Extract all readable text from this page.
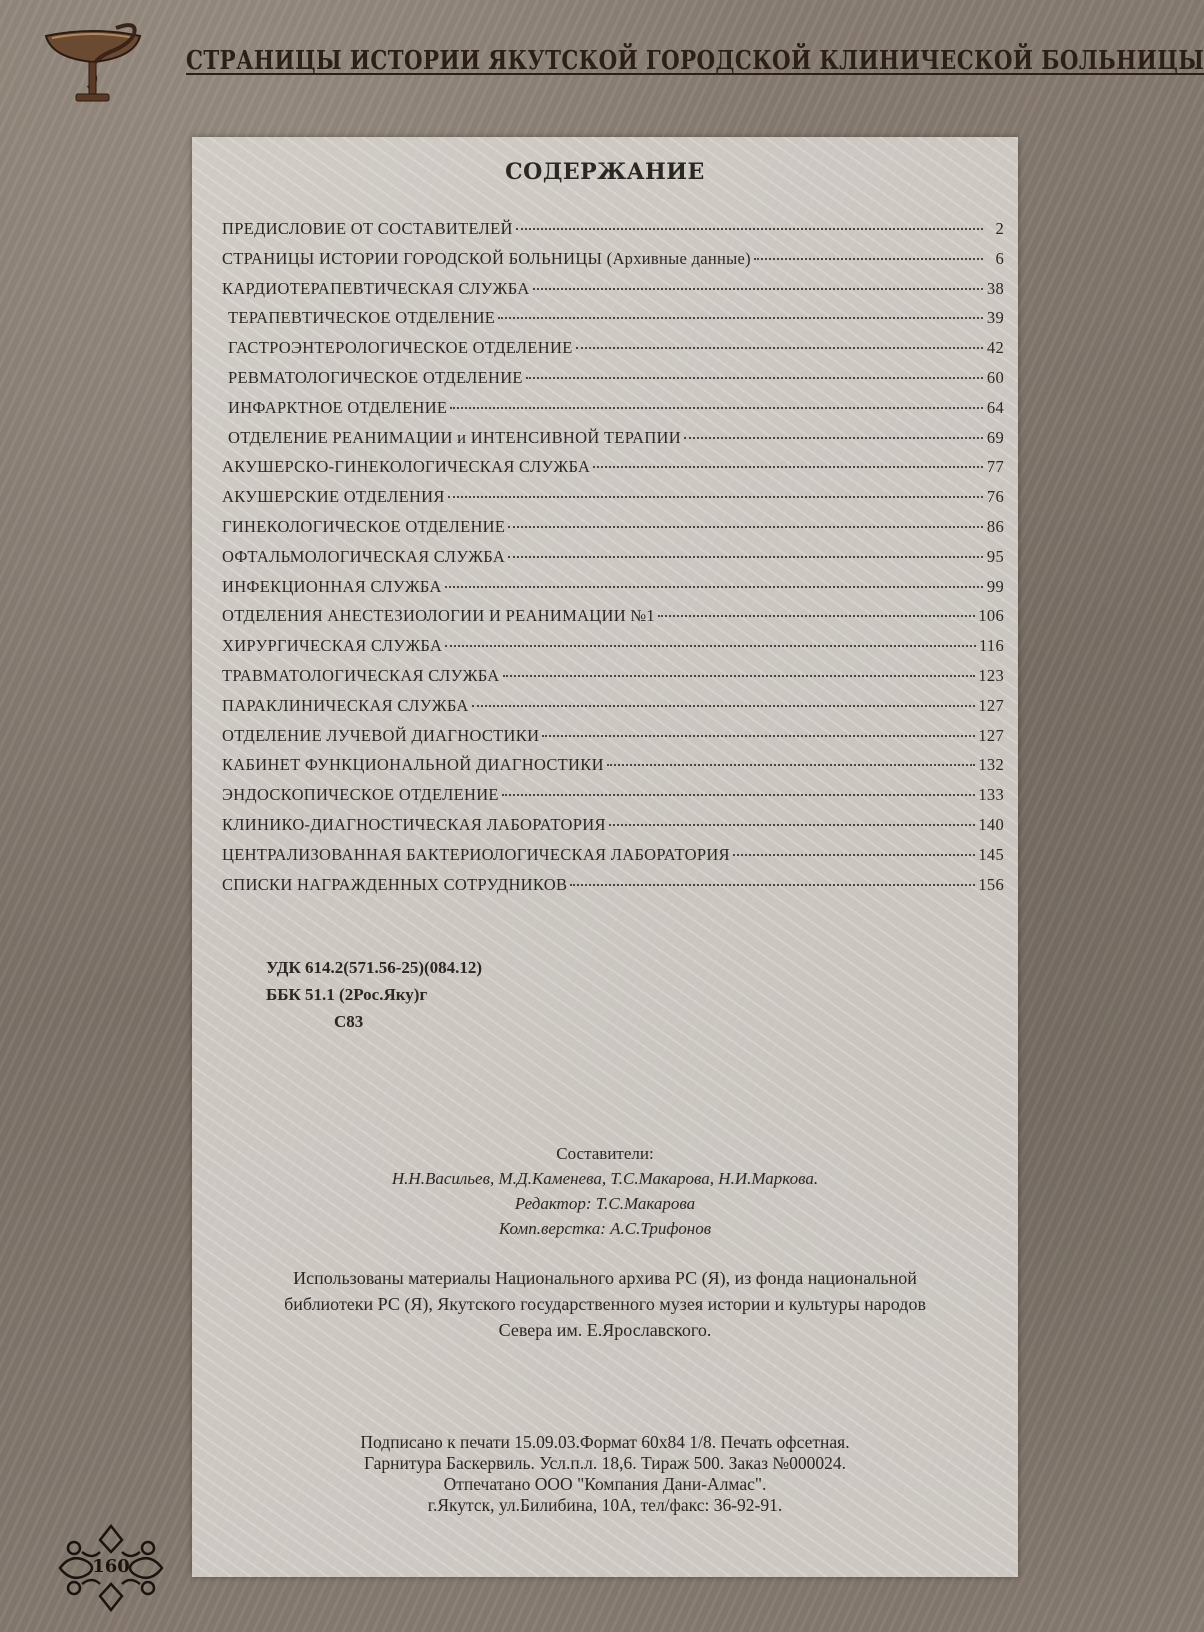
СТРАНИЦЫ ИСТОРИИ ЯКУТСКОЙ ГОРОДСКОЙ КЛИНИЧЕСКОЙ БОЛЬНИЦЫ
СОДЕРЖАНИЕ
ПРЕДИСЛОВИЕ ОТ СОСТАВИТЕЛЕЙ	2
СТРАНИЦЫ ИСТОРИИ ГОРОДСКОЙ БОЛЬНИЦЫ (Архивные данные)	6
КАРДИОТЕРАПЕВТИЧЕСКАЯ СЛУЖБА	38
ТЕРАПЕВТИЧЕСКОЕ ОТДЕЛЕНИЕ	39
ГАСТРОЭНТЕРОЛОГИЧЕСКОЕ ОТДЕЛЕНИЕ	42
РЕВМАТОЛОГИЧЕСКОЕ ОТДЕЛЕНИЕ	60
ИНФАРКТНОЕ ОТДЕЛЕНИЕ	64
ОТДЕЛЕНИЕ РЕАНИМАЦИИ и ИНТЕНСИВНОЙ ТЕРАПИИ	69
АКУШЕРСКО-ГИНЕКОЛОГИЧЕСКАЯ СЛУЖБА	77
АКУШЕРСКИЕ ОТДЕЛЕНИЯ	76
ГИНЕКОЛОГИЧЕСКОЕ ОТДЕЛЕНИЕ	86
ОФТАЛЬМОЛОГИЧЕСКАЯ СЛУЖБА	95
ИНФЕКЦИОННАЯ СЛУЖБА	99
ОТДЕЛЕНИЯ АНЕСТЕЗИОЛОГИИ И РЕАНИМАЦИИ №1	106
ХИРУРГИЧЕСКАЯ СЛУЖБА	116
ТРАВМАТОЛОГИЧЕСКАЯ СЛУЖБА	123
ПАРАКЛИНИЧЕСКАЯ СЛУЖБА	127
ОТДЕЛЕНИЕ ЛУЧЕВОЙ ДИАГНОСТИКИ	127
КАБИНЕТ ФУНКЦИОНАЛЬНОЙ ДИАГНОСТИКИ	132
ЭНДОСКОПИЧЕСКОЕ ОТДЕЛЕНИЕ	133
КЛИНИКО-ДИАГНОСТИЧЕСКАЯ ЛАБОРАТОРИЯ	140
ЦЕНТРАЛИЗОВАННАЯ БАКТЕРИОЛОГИЧЕСКАЯ ЛАБОРАТОРИЯ	145
СПИСКИ НАГРАЖДЕННЫХ СОТРУДНИКОВ	156
УДК 614.2(571.56-25)(084.12)
ББК 51.1 (2Рос.Яку)г
С83
Составители:
Н.Н.Васильев, М.Д.Каменева, Т.С.Макарова, Н.И.Маркова.
Редактор: Т.С.Макарова
Комп.верстка: А.С.Трифонов
Использованы материалы Национального архива РС (Я), из фонда национальной
библиотеки РС (Я), Якутского государственного музея истории и культуры народов
Севера им. Е.Ярославского.
Подписано к печати 15.09.03.Формат 60х84 1/8. Печать офсетная.
Гарнитура Баскервиль. Усл.п.л. 18,6. Тираж 500. Заказ №000024.
Отпечатано ООО "Компания Дани-Алмас".
г.Якутск, ул.Билибина, 10А, тел/факс: 36-92-91.
160
